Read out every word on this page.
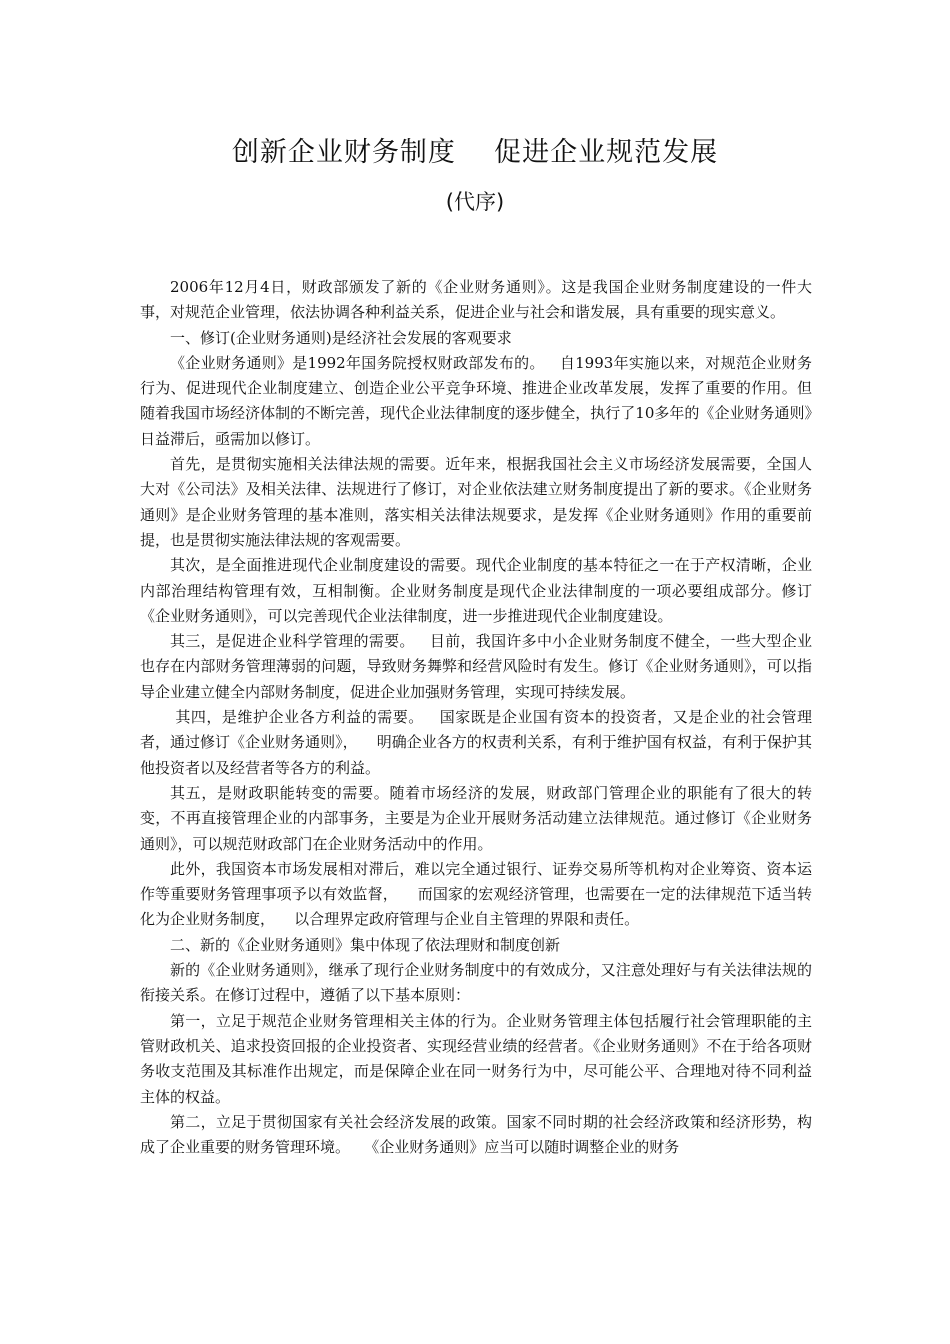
创新企业财务制度    促进企业规范发展
(代序)

2006年12月4日，财政部颁发了新的《企业财务通则》。这是我国企业财务制度建设的一件大事，对规范企业管理，依法协调各种利益关系，促进企业与社会和谐发展，具有重要的现实意义。

一、修订(企业财务通则)是经济社会发展的客观要求

《企业财务通则》是1992年国务院授权财政部发布的。   自1993年实施以来，对规范企业财务行为、促进现代企业制度建立、创造企业公平竞争环境、推进企业改革发展，发挥了重要的作用。但随着我国市场经济体制的不断完善，现代企业法律制度的逐步健全，执行了10多年的《企业财务通则》日益滞后，亟需加以修订。

首先，是贯彻实施相关法律法规的需要。近年来，根据我国社会主义市场经济发展需要，全国人大对《公司法》及相关法律、法规进行了修订，对企业依法建立财务制度提出了新的要求。《企业财务通则》是企业财务管理的基本准则，落实相关法律法规要求，是发挥《企业财务通则》作用的重要前提，也是贯彻实施法律法规的客观需要。

其次，是全面推进现代企业制度建设的需要。现代企业制度的基本特征之一在于产权清晰，企业内部治理结构管理有效，互相制衡。企业财务制度是现代企业法律制度的一项必要组成部分。修订《企业财务通则》，可以完善现代企业法律制度，进一步推进现代企业制度建设。

其三，是促进企业科学管理的需要。   目前，我国许多中小企业财务制度不健全，一些大型企业也存在内部财务管理薄弱的问题，导致财务舞弊和经营风险时有发生。修订《企业财务通则》，可以指导企业建立健全内部财务制度，促进企业加强财务管理，实现可持续发展。

其四，是维护企业各方利益的需要。   国家既是企业国有资本的投资者，又是企业的社会管理者，通过修订《企业财务通则》，    明确企业各方的权责利关系，有利于维护国有权益，有利于保护其他投资者以及经营者等各方的利益。

其五，是财政职能转变的需要。随着市场经济的发展，财政部门管理企业的职能有了很大的转变，不再直接管理企业的内部事务，主要是为企业开展财务活动建立法律规范。通过修订《企业财务通则》，可以规范财政部门在企业财务活动中的作用。

此外，我国资本市场发展相对滞后，难以完全通过银行、证券交易所等机构对企业筹资、资本运作等重要财务管理事项予以有效监督，    而国家的宏观经济管理，也需要在一定的法律规范下适当转化为企业财务制度，    以合理界定政府管理与企业自主管理的界限和责任。

二、新的《企业财务通则》集中体现了依法理财和制度创新

新的《企业财务通则》，继承了现行企业财务制度中的有效成分，又注意处理好与有关法律法规的衔接关系。在修订过程中，遵循了以下基本原则：

第一，立足于规范企业财务管理相关主体的行为。企业财务管理主体包括履行社会管理职能的主管财政机关、追求投资回报的企业投资者、实现经营业绩的经营者。《企业财务通则》不在于给各项财务收支范围及其标准作出规定，而是保障企业在同一财务行为中，尽可能公平、合理地对待不同利益主体的权益。

第二，立足于贯彻国家有关社会经济发展的政策。国家不同时期的社会经济政策和经济形势，构成了企业重要的财务管理环境。   《企业财务通则》应当可以随时调整企业的财务
